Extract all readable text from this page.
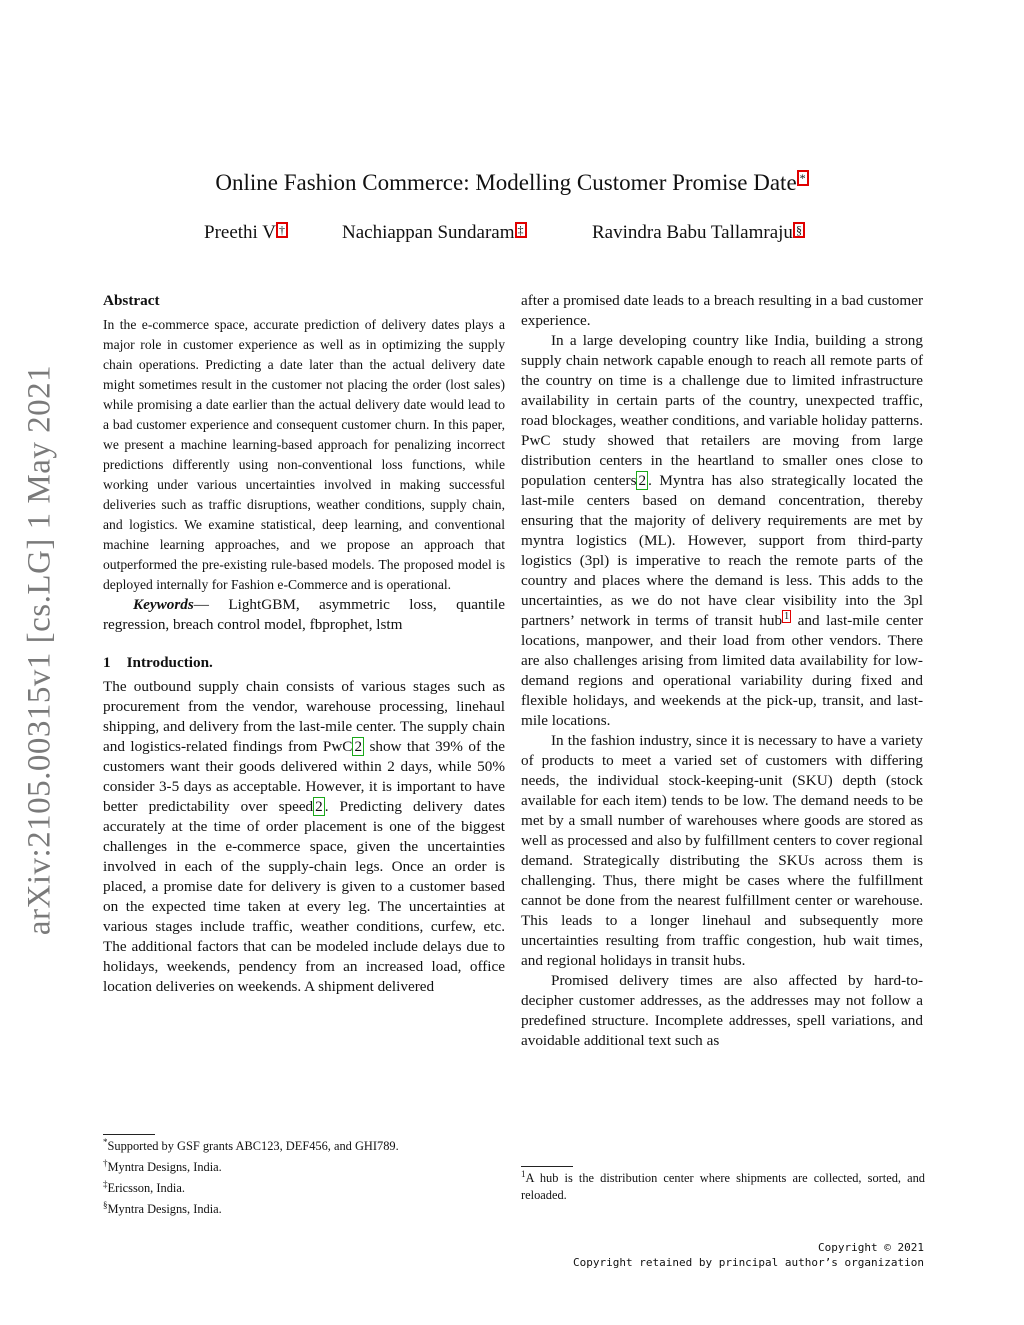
arXiv:2105.00315v1 [cs.LG] 1 May 2021
Online Fashion Commerce: Modelling Customer Promise Date *
Preethi V †	Nachiappan Sundaram ‡	Ravindra Babu Tallamraju §

Abstract

In the e-commerce space, accurate prediction of delivery dates plays a major role in customer experience as well as in optimizing the supply chain operations. Predicting a date later than the actual delivery date might sometimes result in the customer not placing the order (lost sales) while promising a date earlier than the actual delivery date would lead to a bad customer experience and consequent customer churn. In this paper, we present a machine learning-based approach for penalizing incorrect predictions differently using non-conventional loss functions, while working under various uncertainties involved in making successful deliveries such as traffic disruptions, weather conditions, supply chain, and logistics. We examine statistical, deep learning, and conventional machine learning approaches, and we propose an approach that outperformed the pre-existing rule-based models. The proposed model is deployed internally for Fashion e-Commerce and is operational.

Keywords— LightGBM, asymmetric loss, quantile regression, breach control model, fbprophet, lstm

1 Introduction.

The outbound supply chain consists of various stages such as procurement from the vendor, warehouse processing, linehaul shipping, and delivery from the last-mile center. The supply chain and logistics-related findings from PwC 2 show that 39% of the customers want their goods delivered within 2 days, while 50% consider 3-5 days as acceptable. However, it is important to have better predictability over speed 2 . Predicting delivery dates accurately at the time of order placement is one of the biggest challenges in the e-commerce space, given the uncertainties involved in each of the supply-chain legs. Once an order is placed, a promise date for delivery is given to a customer based on the expected time taken at every leg. The uncertainties at various stages include traffic, weather conditions, curfew, etc. The additional factors that can be modeled include delays due to holidays, weekends, pendency from an increased load, office location deliveries on weekends. A shipment delivered

*Supported by GSF grants ABC123, DEF456, and GHI789.

†Myntra Designs, India.

‡Ericsson, India.

§Myntra Designs, India.

after a promised date leads to a breach resulting in a bad customer experience.

In a large developing country like India, building a strong supply chain network capable enough to reach all remote parts of the country on time is a challenge due to limited infrastructure availability in certain parts of the country, unexpected traffic, road blockages, weather conditions, and variable holiday patterns. PwC study showed that retailers are moving from large distribution centers in the heartland to smaller ones close to population centers 2 . Myntra has also strategically located the last-mile centers based on demand concentration, thereby ensuring that the majority of delivery requirements are met by myntra logistics (ML). However, support from third-party logistics (3pl) is imperative to reach the remote parts of the country and places where the demand is less. This adds to the uncertainties, as we do not have clear visibility into the 3pl partners’ network in terms of transit hub $^1$ and last-mile center locations, manpower, and their load from other vendors. There are also challenges arising from limited data availability for low-demand regions and operational variability during fixed and flexible holidays, and weekends at the pick-up, transit, and last-mile locations.

In the fashion industry, since it is necessary to have a variety of products to meet a varied set of customers with differing needs, the individual stock-keeping-unit (SKU) depth (stock available for each item) tends to be low. The demand needs to be met by a small number of warehouses where goods are stored as well as processed and also by fulfillment centers to cover regional demand. Strategically distributing the SKUs across them is challenging. Thus, there might be cases where the fulfillment cannot be done from the nearest fulfillment center or warehouse. This leads to a longer linehaul and subsequently more uncertainties resulting from traffic congestion, hub wait times, and regional holidays in transit hubs.

Promised delivery times are also affected by hard-to-decipher customer addresses, as the addresses may not follow a predefined structure. Incomplete addresses, spell variations, and avoidable additional text such as

$^1$A hub is the distribution center where shipments are collected, sorted, and reloaded.

Copyright © 2021
Copyright retained by principal author’s organization
